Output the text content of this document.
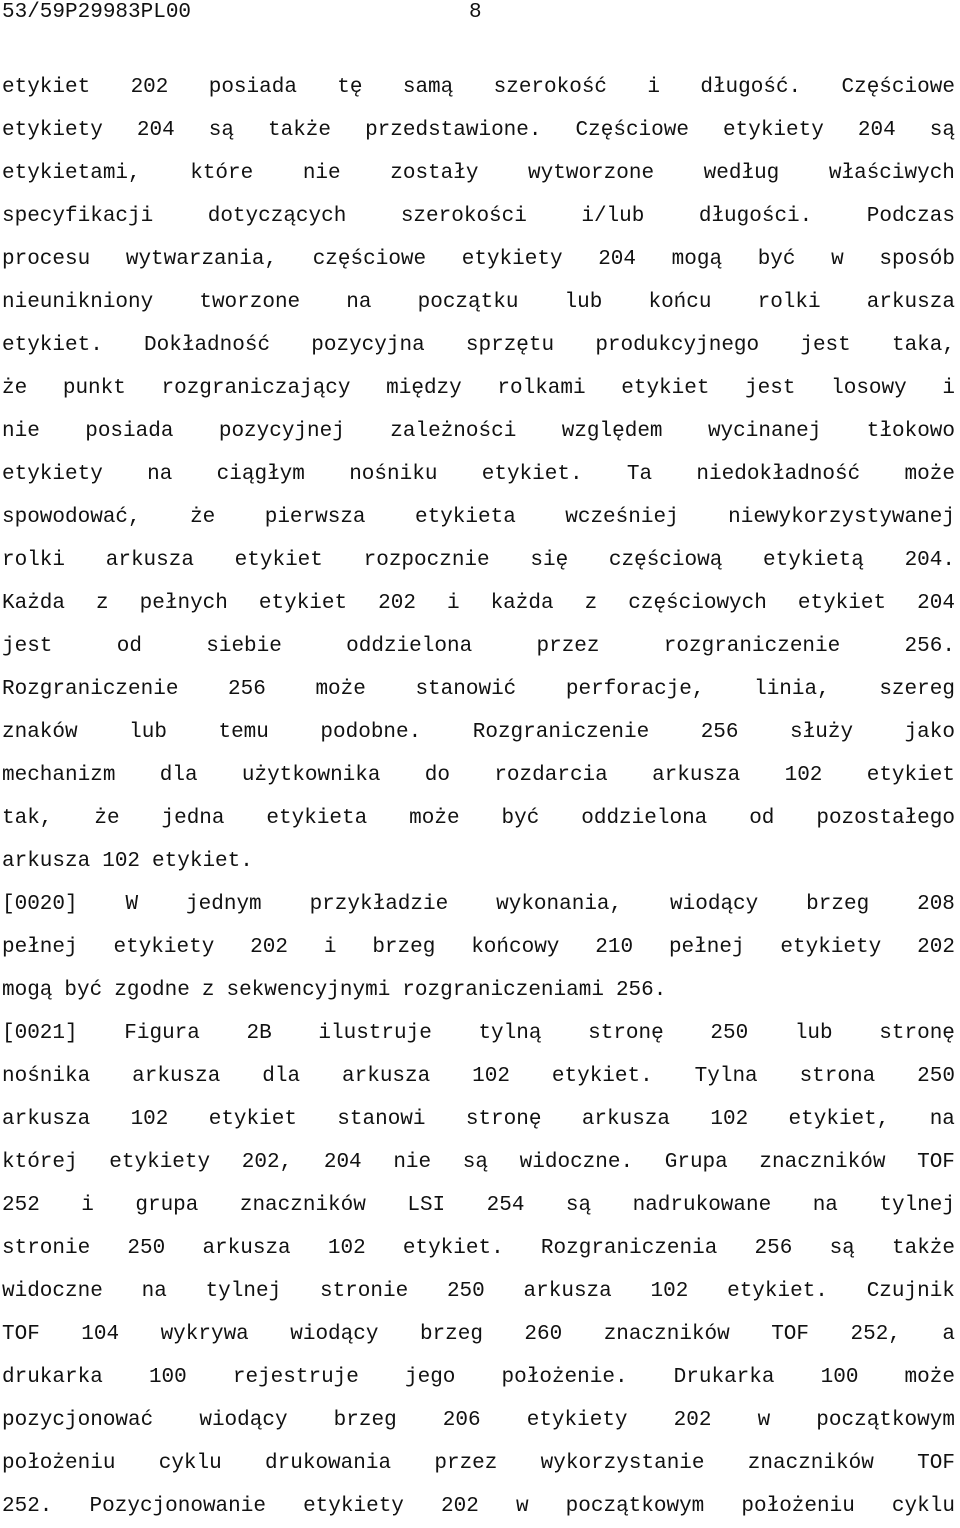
53/59P29983PL00	8
etykiet 202 posiada tę samą szerokość i długość. Częściowe
etykiety 204 są także przedstawione. Częściowe etykiety 204 są
etykietami, które nie zostały wytworzone według właściwych
specyfikacji	dotyczących	szerokości	i/lub	długości.	Podczas
procesu wytwarzania, częściowe etykiety 204 mogą być w sposób
nieunikniony tworzone na początku lub końcu rolki arkusza
etykiet. Dokładność pozycyjna sprzętu produkcyjnego jest taka,
że punkt rozgraniczający między rolkami etykiet jest losowy i
nie posiada pozycyjnej zależności względem wycinanej tłokowo
etykiety na ciągłym nośniku etykiet. Ta niedokładność może
spowodować, że pierwsza etykieta wcześniej niewykorzystywanej
rolki arkusza etykiet rozpocznie się częściową etykietą 204.
Każda z pełnych etykiet 202 i każda z częściowych etykiet 204
jest	od	siebie	oddzielona	przez	rozgraniczenie	256.
Rozgraniczenie 256 może stanowić perforacje, linia, szereg
znaków lub temu podobne. Rozgraniczenie 256 służy jako
mechanizm dla użytkownika do rozdarcia arkusza 102 etykiet
tak, że jedna etykieta może być oddzielona od pozostałego
arkusza 102 etykiet.
[0020] W jednym przykładzie wykonania, wiodący brzeg 208
pełnej etykiety 202 i brzeg końcowy 210 pełnej etykiety 202
mogą być zgodne z sekwencyjnymi rozgraniczeniami 256.
[0021] Figura 2B ilustruje tylną stronę 250 lub stronę
nośnika arkusza dla arkusza 102 etykiet. Tylna strona 250
arkusza 102 etykiet stanowi stronę arkusza 102 etykiet, na
której etykiety 202, 204 nie są widoczne. Grupa znaczników TOF
252 i grupa znaczników LSI 254 są nadrukowane na tylnej
stronie 250 arkusza 102 etykiet. Rozgraniczenia 256 są także
widoczne na tylnej stronie 250 arkusza 102 etykiet. Czujnik
TOF 104 wykrywa wiodący brzeg 260 znaczników TOF 252, a
drukarka 100 rejestruje jego położenie. Drukarka 100 może
pozycjonować wiodący brzeg 206 etykiety 202 w początkowym
położeniu cyklu drukowania przez wykorzystanie znaczników TOF
252. Pozycjonowanie etykiety 202 w początkowym położeniu cyklu
